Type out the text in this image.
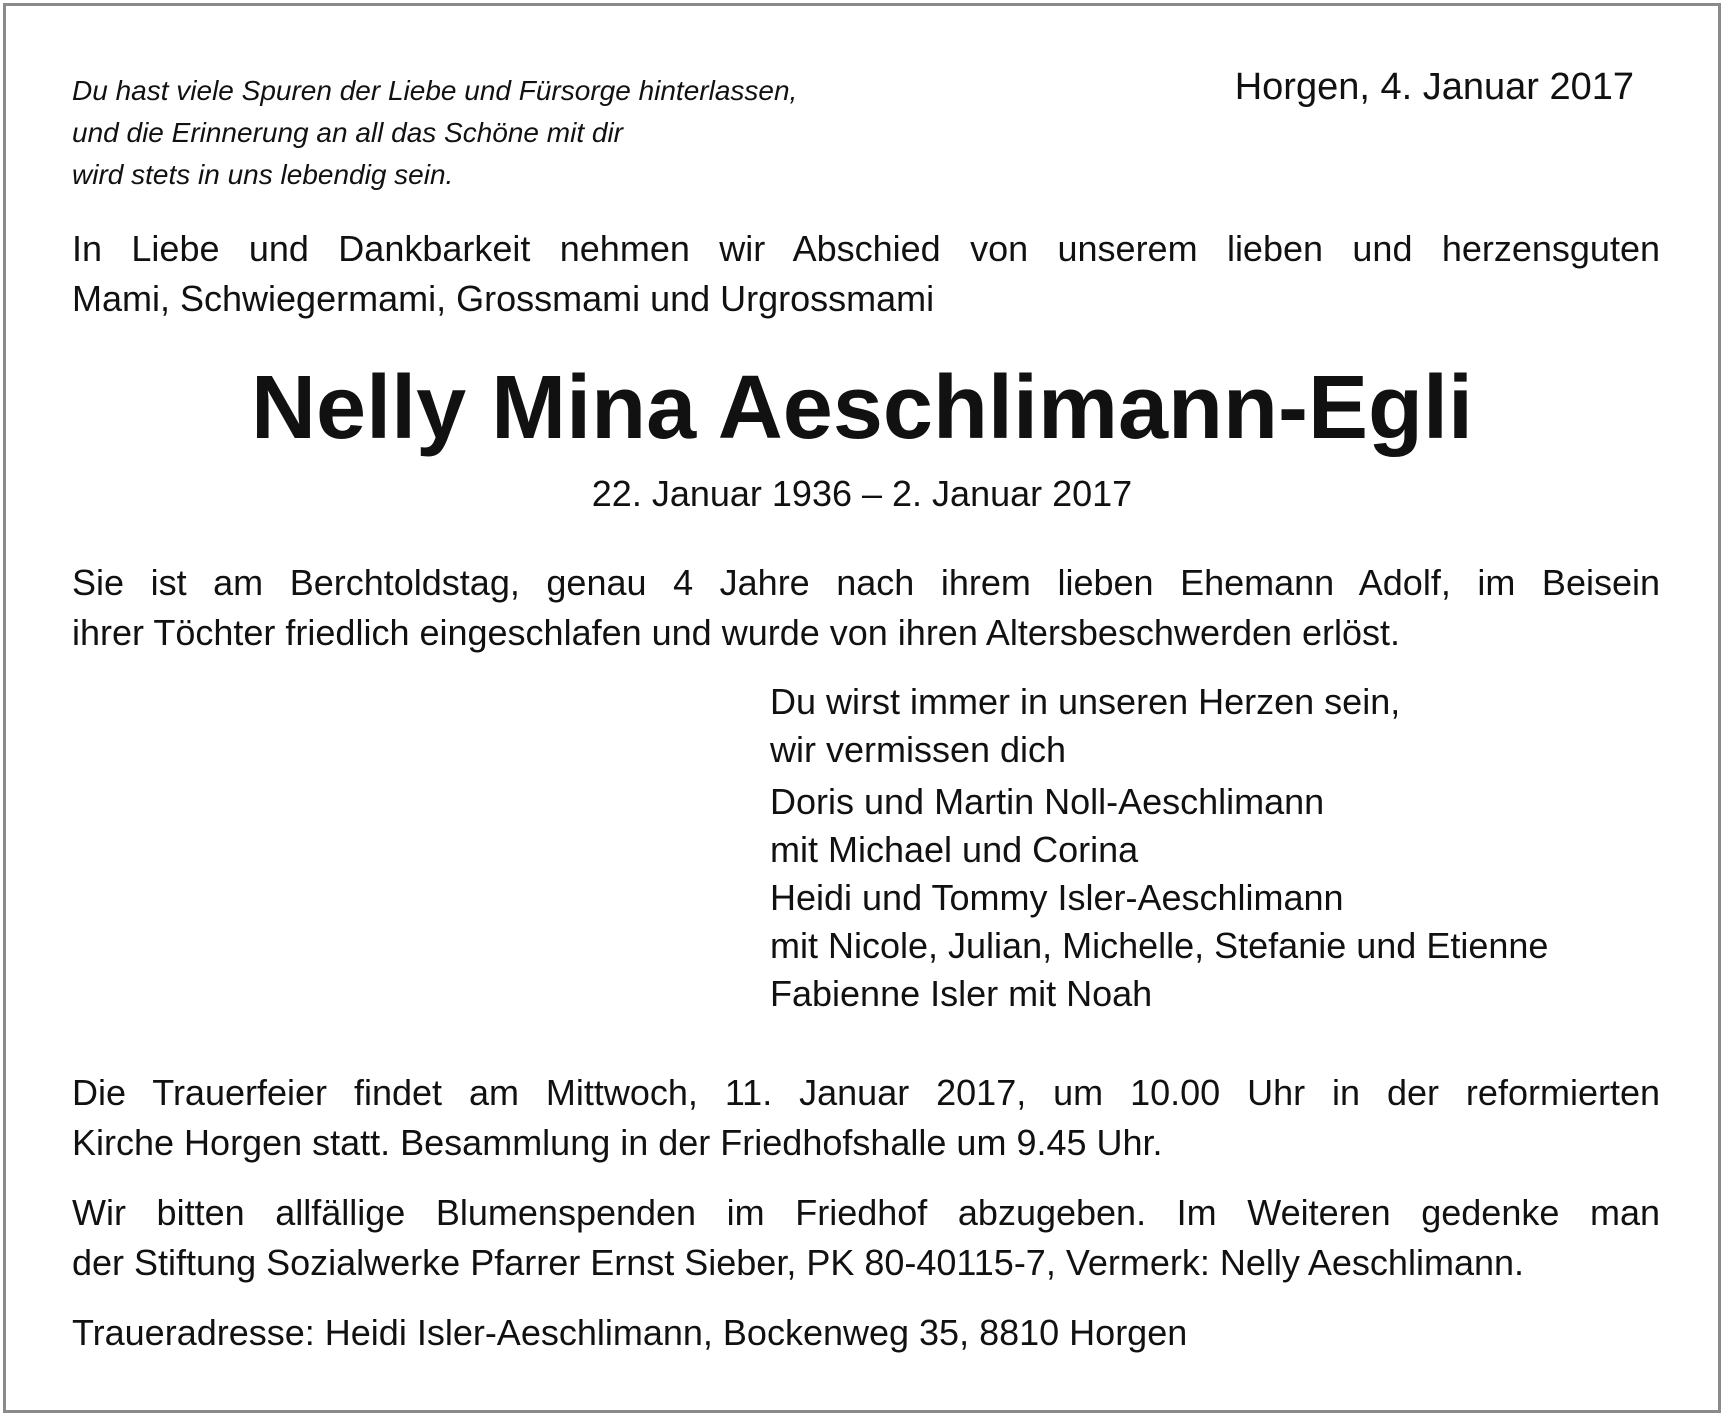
Du hast viele Spuren der Liebe und Fürsorge hinterlassen,
und die Erinnerung an all das Schöne mit dir
wird stets in uns lebendig sein.

Horgen, 4. Januar 2017

In Liebe und Dankbarkeit nehmen wir Abschied von unserem lieben und herzensguten
Mami, Schwiegermami, Grossmami und Urgrossmami

Nelly Mina Aeschlimann-Egli

22. Januar 1936 – 2. Januar 2017

Sie ist am Berchtoldstag, genau 4 Jahre nach ihrem lieben Ehemann Adolf, im Beisein
ihrer Töchter friedlich eingeschlafen und wurde von ihren Altersbeschwerden erlöst.

Du wirst immer in unseren Herzen sein,
wir vermissen dich

Doris und Martin Noll-Aeschlimann
mit Michael und Corina
Heidi und Tommy Isler-Aeschlimann
mit Nicole, Julian, Michelle, Stefanie und Etienne
Fabienne Isler mit Noah

Die Trauerfeier findet am Mittwoch, 11. Januar 2017, um 10.00 Uhr in der reformierten
Kirche Horgen statt. Besammlung in der Friedhofshalle um 9.45 Uhr.

Wir bitten allfällige Blumenspenden im Friedhof abzugeben. Im Weiteren gedenke man
der Stiftung Sozialwerke Pfarrer Ernst Sieber, PK 80-40115-7, Vermerk: Nelly Aeschlimann.

Traueradresse: Heidi Isler-Aeschlimann, Bockenweg 35, 8810 Horgen
